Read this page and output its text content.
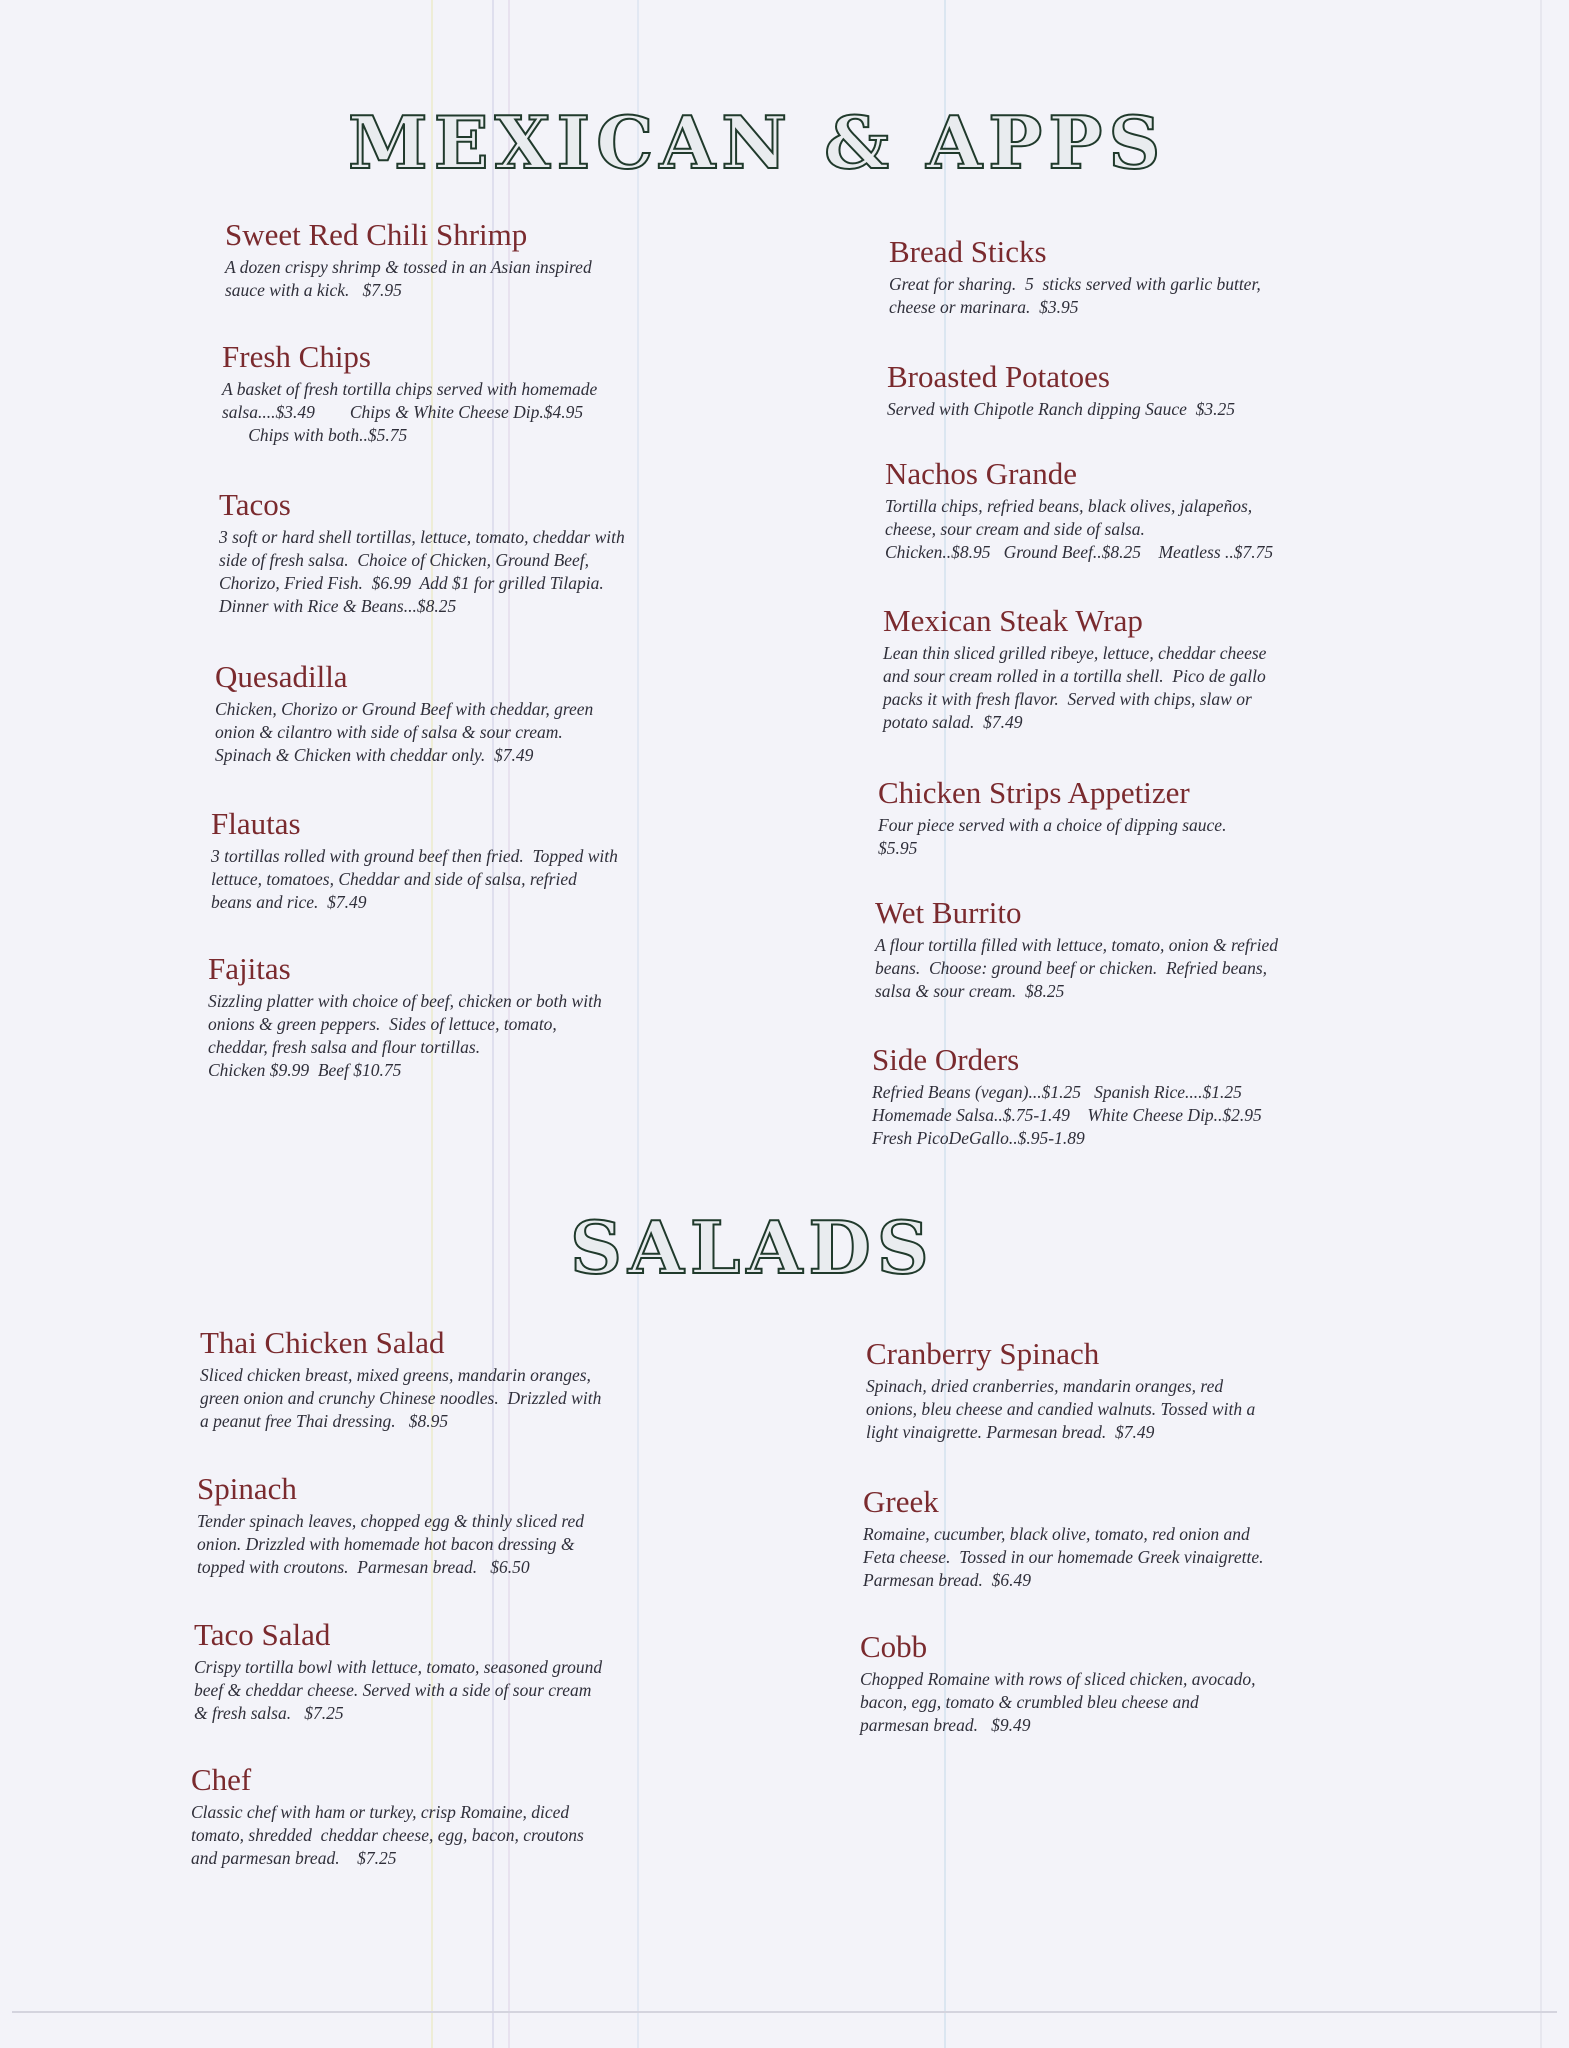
MEXICAN & APPS

Sweet Red Chili Shrimp

A dozen crispy shrimp & tossed in an Asian inspired
sauce with a kick.   $7.95

Fresh Chips

A basket of fresh tortilla chips served with homemade
salsa....$3.49        Chips & White Cheese Dip.$4.95
Chips with both..$5.75

Tacos

3 soft or hard shell tortillas, lettuce, tomato, cheddar with
side of fresh salsa.  Choice of Chicken, Ground Beef,
Chorizo, Fried Fish.  $6.99  Add $1 for grilled Tilapia.
Dinner with Rice & Beans...$8.25

Quesadilla

Chicken, Chorizo or Ground Beef with cheddar, green
onion & cilantro with side of salsa & sour cream.
Spinach & Chicken with cheddar only.  $7.49

Flautas

3 tortillas rolled with ground beef then fried.  Topped with
lettuce, tomatoes, Cheddar and side of salsa, refried
beans and rice.  $7.49

Fajitas

Sizzling platter with choice of beef, chicken or both with
onions & green peppers.  Sides of lettuce, tomato,
cheddar, fresh salsa and flour tortillas.
Chicken $9.99  Beef $10.75

Bread Sticks

Great for sharing.  5  sticks served with garlic butter,
cheese or marinara.  $3.95

Broasted Potatoes

Served with Chipotle Ranch dipping Sauce  $3.25

Nachos Grande

Tortilla chips, refried beans, black olives, jalapeños,
cheese, sour cream and side of salsa.
Chicken..$8.95   Ground Beef..$8.25    Meatless ..$7.75

Mexican Steak Wrap

Lean thin sliced grilled ribeye, lettuce, cheddar cheese
and sour cream rolled in a tortilla shell.  Pico de gallo
packs it with fresh flavor.  Served with chips, slaw or
potato salad.  $7.49

Chicken Strips Appetizer

Four piece served with a choice of dipping sauce.
$5.95

Wet Burrito

A flour tortilla filled with lettuce, tomato, onion & refried
beans.  Choose: ground beef or chicken.  Refried beans,
salsa & sour cream.  $8.25

Side Orders

Refried Beans (vegan)...$1.25   Spanish Rice....$1.25
Homemade Salsa..$.75-1.49    White Cheese Dip..$2.95
Fresh PicoDeGallo..$.95-1.89

SALADS

Thai Chicken Salad

Sliced chicken breast, mixed greens, mandarin oranges,
green onion and crunchy Chinese noodles.  Drizzled with
a peanut free Thai dressing.   $8.95

Spinach

Tender spinach leaves, chopped egg & thinly sliced red
onion. Drizzled with homemade hot bacon dressing &
topped with croutons.  Parmesan bread.   $6.50

Taco Salad

Crispy tortilla bowl with lettuce, tomato, seasoned ground
beef & cheddar cheese. Served with a side of sour cream
& fresh salsa.   $7.25

Chef

Classic chef with ham or turkey, crisp Romaine, diced
tomato, shredded  cheddar cheese, egg, bacon, croutons
and parmesan bread.    $7.25

Cranberry Spinach

Spinach, dried cranberries, mandarin oranges, red
onions, bleu cheese and candied walnuts. Tossed with a
light vinaigrette. Parmesan bread.  $7.49

Greek

Romaine, cucumber, black olive, tomato, red onion and
Feta cheese.  Tossed in our homemade Greek vinaigrette.
Parmesan bread.  $6.49

Cobb

Chopped Romaine with rows of sliced chicken, avocado,
bacon, egg, tomato & crumbled bleu cheese and
parmesan bread.   $9.49
